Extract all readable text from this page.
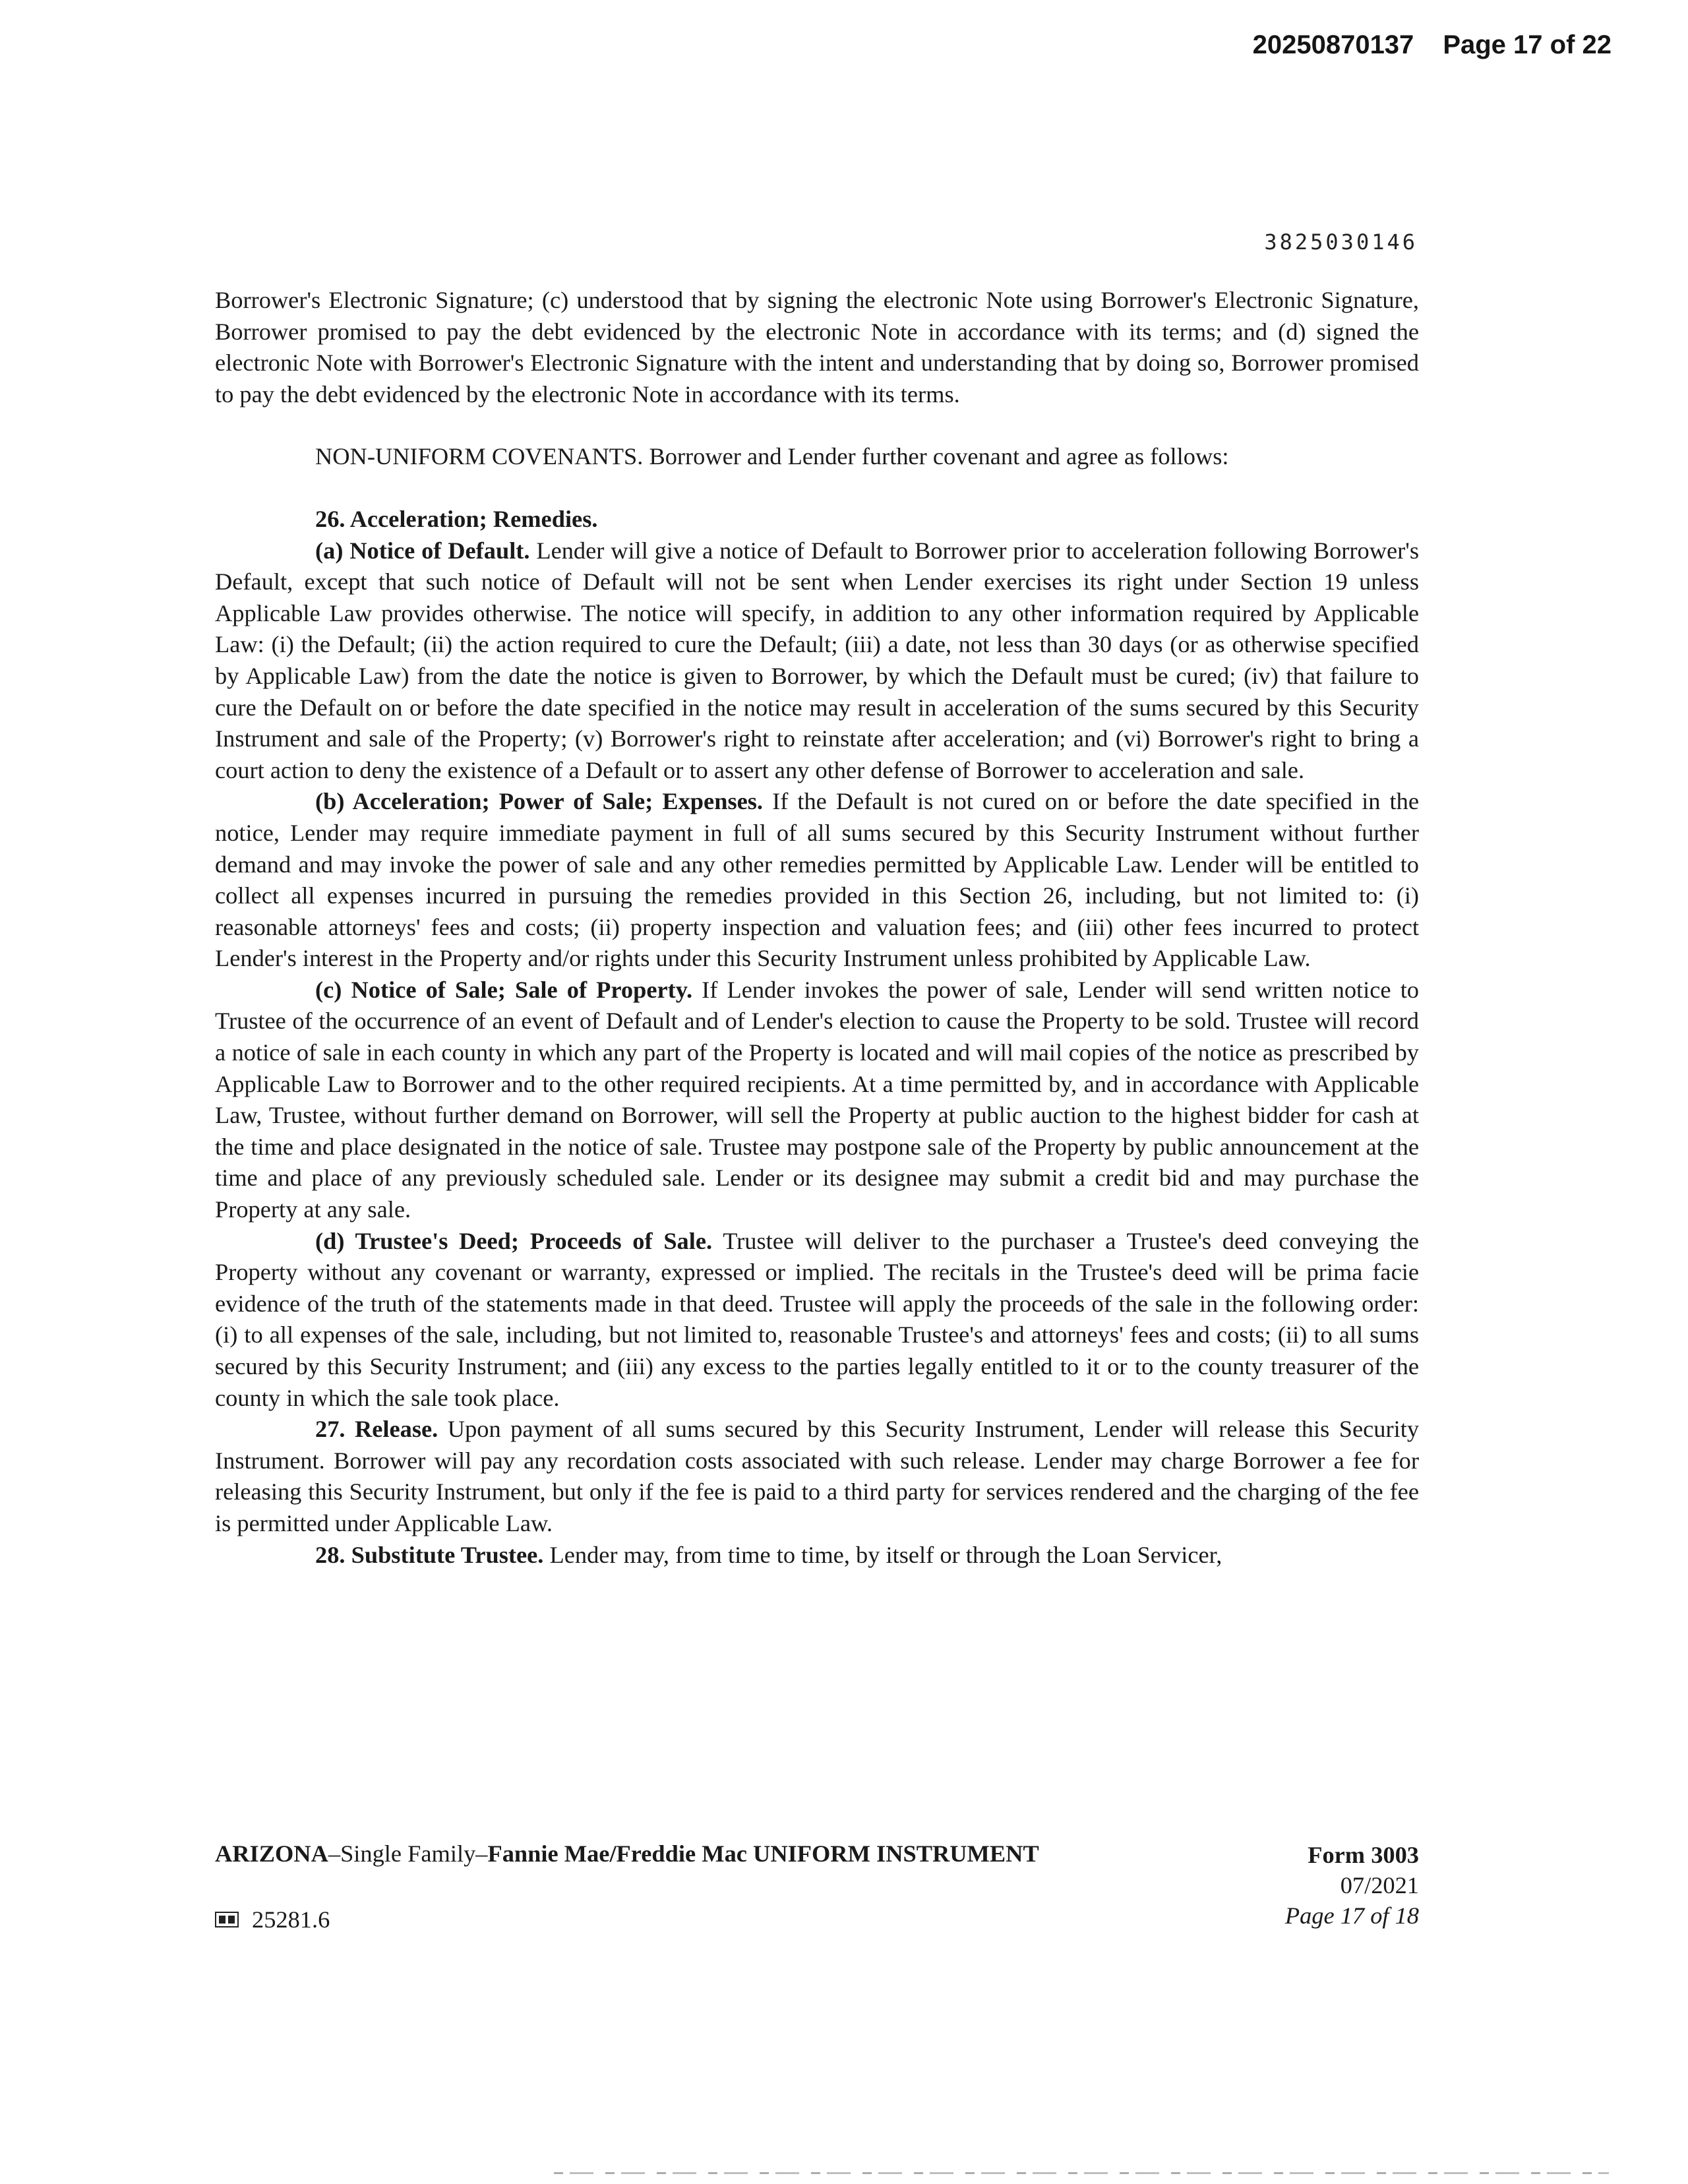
20250870137 Page 17 of 22
3825030146

Borrower's Electronic Signature; (c) understood that by signing the electronic Note using Borrower's Electronic Signature, Borrower promised to pay the debt evidenced by the electronic Note in accordance with its terms; and (d) signed the electronic Note with Borrower's Electronic Signature with the intent and understanding that by doing so, Borrower promised to pay the debt evidenced by the electronic Note in accordance with its terms.

NON-UNIFORM COVENANTS. Borrower and Lender further covenant and agree as follows:

26. Acceleration; Remedies.

(a) Notice of Default. Lender will give a notice of Default to Borrower prior to acceleration following Borrower's Default, except that such notice of Default will not be sent when Lender exercises its right under Section 19 unless Applicable Law provides otherwise. The notice will specify, in addition to any other information required by Applicable Law: (i) the Default; (ii) the action required to cure the Default; (iii) a date, not less than 30 days (or as otherwise specified by Applicable Law) from the date the notice is given to Borrower, by which the Default must be cured; (iv) that failure to cure the Default on or before the date specified in the notice may result in acceleration of the sums secured by this Security Instrument and sale of the Property; (v) Borrower's right to reinstate after acceleration; and (vi) Borrower's right to bring a court action to deny the existence of a Default or to assert any other defense of Borrower to acceleration and sale.

(b) Acceleration; Power of Sale; Expenses. If the Default is not cured on or before the date specified in the notice, Lender may require immediate payment in full of all sums secured by this Security Instrument without further demand and may invoke the power of sale and any other remedies permitted by Applicable Law. Lender will be entitled to collect all expenses incurred in pursuing the remedies provided in this Section 26, including, but not limited to: (i) reasonable attorneys' fees and costs; (ii) property inspection and valuation fees; and (iii) other fees incurred to protect Lender's interest in the Property and/or rights under this Security Instrument unless prohibited by Applicable Law.

(c) Notice of Sale; Sale of Property. If Lender invokes the power of sale, Lender will send written notice to Trustee of the occurrence of an event of Default and of Lender's election to cause the Property to be sold. Trustee will record a notice of sale in each county in which any part of the Property is located and will mail copies of the notice as prescribed by Applicable Law to Borrower and to the other required recipients. At a time permitted by, and in accordance with Applicable Law, Trustee, without further demand on Borrower, will sell the Property at public auction to the highest bidder for cash at the time and place designated in the notice of sale. Trustee may postpone sale of the Property by public announcement at the time and place of any previously scheduled sale. Lender or its designee may submit a credit bid and may purchase the Property at any sale.

(d) Trustee's Deed; Proceeds of Sale. Trustee will deliver to the purchaser a Trustee's deed conveying the Property without any covenant or warranty, expressed or implied. The recitals in the Trustee's deed will be prima facie evidence of the truth of the statements made in that deed. Trustee will apply the proceeds of the sale in the following order: (i) to all expenses of the sale, including, but not limited to, reasonable Trustee's and attorneys' fees and costs; (ii) to all sums secured by this Security Instrument; and (iii) any excess to the parties legally entitled to it or to the county treasurer of the county in which the sale took place.

27. Release. Upon payment of all sums secured by this Security Instrument, Lender will release this Security Instrument. Borrower will pay any recordation costs associated with such release. Lender may charge Borrower a fee for releasing this Security Instrument, but only if the fee is paid to a third party for services rendered and the charging of the fee is permitted under Applicable Law.

28. Substitute Trustee. Lender may, from time to time, by itself or through the Loan Servicer,

ARIZONA–Single Family–Fannie Mae/Freddie Mac UNIFORM INSTRUMENT	Form 3003
07/2021
Page 17 of 18
25281.6
